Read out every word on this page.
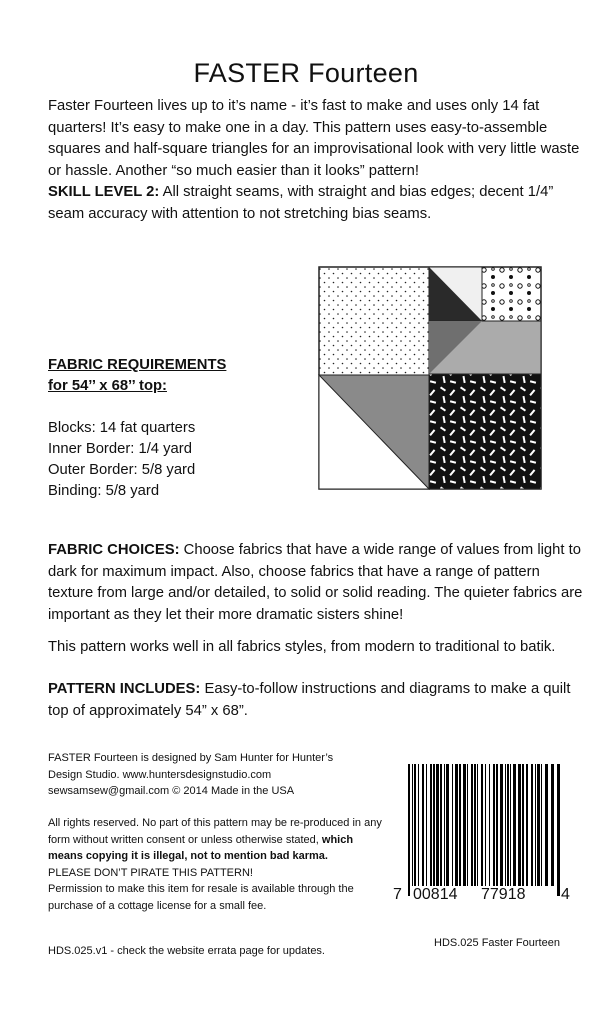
FASTER Fourteen
Faster Fourteen lives up to it’s name - it’s fast to make and uses only 14 fat quarters! It’s easy to make one in a day. This pattern uses easy-to-assemble squares and half-square triangles for an improvisational look with very little waste or hassle. Another “so much easier than it looks” pattern!
SKILL LEVEL 2: All straight seams, with straight and bias edges; decent 1/4” seam accuracy with attention to not stretching bias seams.
FABRIC REQUIREMENTS
for 54’’ x 68’’ top:
Blocks: 14 fat quarters
Inner Border: 1/4 yard
Outer Border: 5/8 yard
Binding: 5/8 yard
FABRIC CHOICES: Choose fabrics that have a wide range of values from light to dark for maximum impact. Also, choose fabrics that have a range of pattern texture from large and/or detailed, to solid or solid reading. The quieter fabrics are important as they let their more dramatic sisters shine!
This pattern works well in all fabrics styles, from modern to traditional to batik.
PATTERN INCLUDES: Easy-to-follow instructions and diagrams to make a quilt top of approximately 54” x 68”.
FASTER Fourteen is designed by Sam Hunter for Hunter’s
Design Studio. www.huntersdesignstudio.com
sewsamsew@gmail.com © 2014 Made in the USA
All rights reserved. No part of this pattern may be re-produced in any form without written consent or unless otherwise stated, which means copying it is illegal, not to mention bad karma.
PLEASE DON’T PIRATE THIS PATTERN!
Permission to make this item for resale is available through the purchase of a cottage license for a small fee.
HDS.025.v1 - check the website errata page for updates.
7 00814 77918 4
HDS.025 Faster Fourteen
